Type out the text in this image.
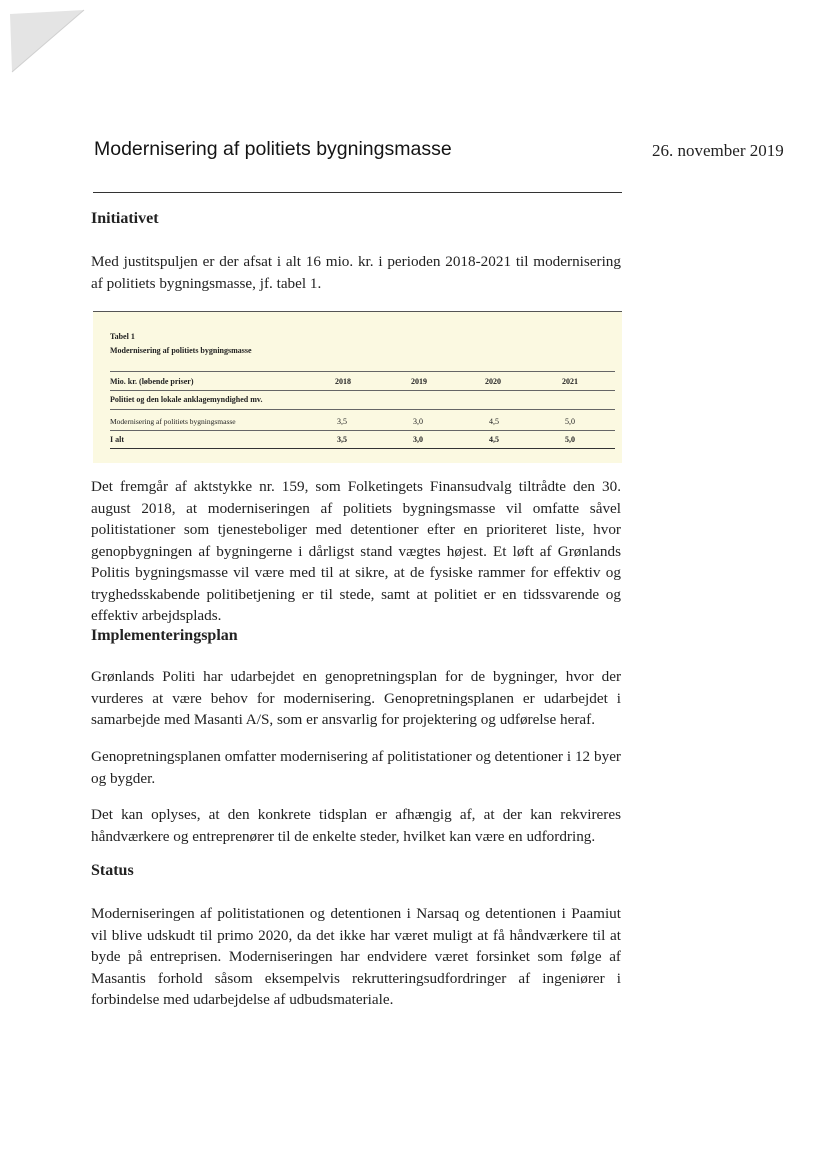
Modernisering af politiets bygningsmasse	26. november 2019
Initiativet

Med justitspuljen er der afsat i alt 16 mio. kr. i perioden 2018-2021 til modernisering af politiets bygningsmasse, jf. tabel 1.

Tabel 1
Modernisering af politiets bygningsmasse
Mio. kr. (løbende priser)	2018	2019	2020	2021
Politiet og den lokale anklagemyndighed mv.
Modernisering af politiets bygningsmasse	3,5	3,0	4,5	5,0
I alt	3,5	3,0	4,5	5,0

Det fremgår af aktstykke nr. 159, som Folketingets Finansudvalg tiltrådte den 30. august 2018, at moderniseringen af politiets bygningsmasse vil omfatte såvel politistationer som tjenesteboliger med detentioner efter en prioriteret liste, hvor genopbygningen af bygningerne i dårligst stand vægtes højest. Et løft af Grønlands Politis bygningsmasse vil være med til at sikre, at de fysiske rammer for effektiv og tryghedsskabende politibetjening er til stede, samt at politiet er en tidssvarende og effektiv arbejdsplads.

Implementeringsplan

Grønlands Politi har udarbejdet en genopretningsplan for de bygninger, hvor der vurderes at være behov for modernisering. Genopretningsplanen er udarbejdet i samarbejde med Masanti A/S, som er ansvarlig for projektering og udførelse heraf.

Genopretningsplanen omfatter modernisering af politistationer og detentioner i 12 byer og bygder.

Det kan oplyses, at den konkrete tidsplan er afhængig af, at der kan rekvireres håndværkere og entreprenører til de enkelte steder, hvilket kan være en udfordring.

Status

Moderniseringen af politistationen og detentionen i Narsaq og detentionen i Paamiut vil blive udskudt til primo 2020, da det ikke har været muligt at få håndværkere til at byde på entreprisen. Moderniseringen har endvidere været forsinket som følge af Masantis forhold såsom eksempelvis rekrutteringsudfordringer af ingeniører i forbindelse med udarbejdelse af udbudsmateriale.
